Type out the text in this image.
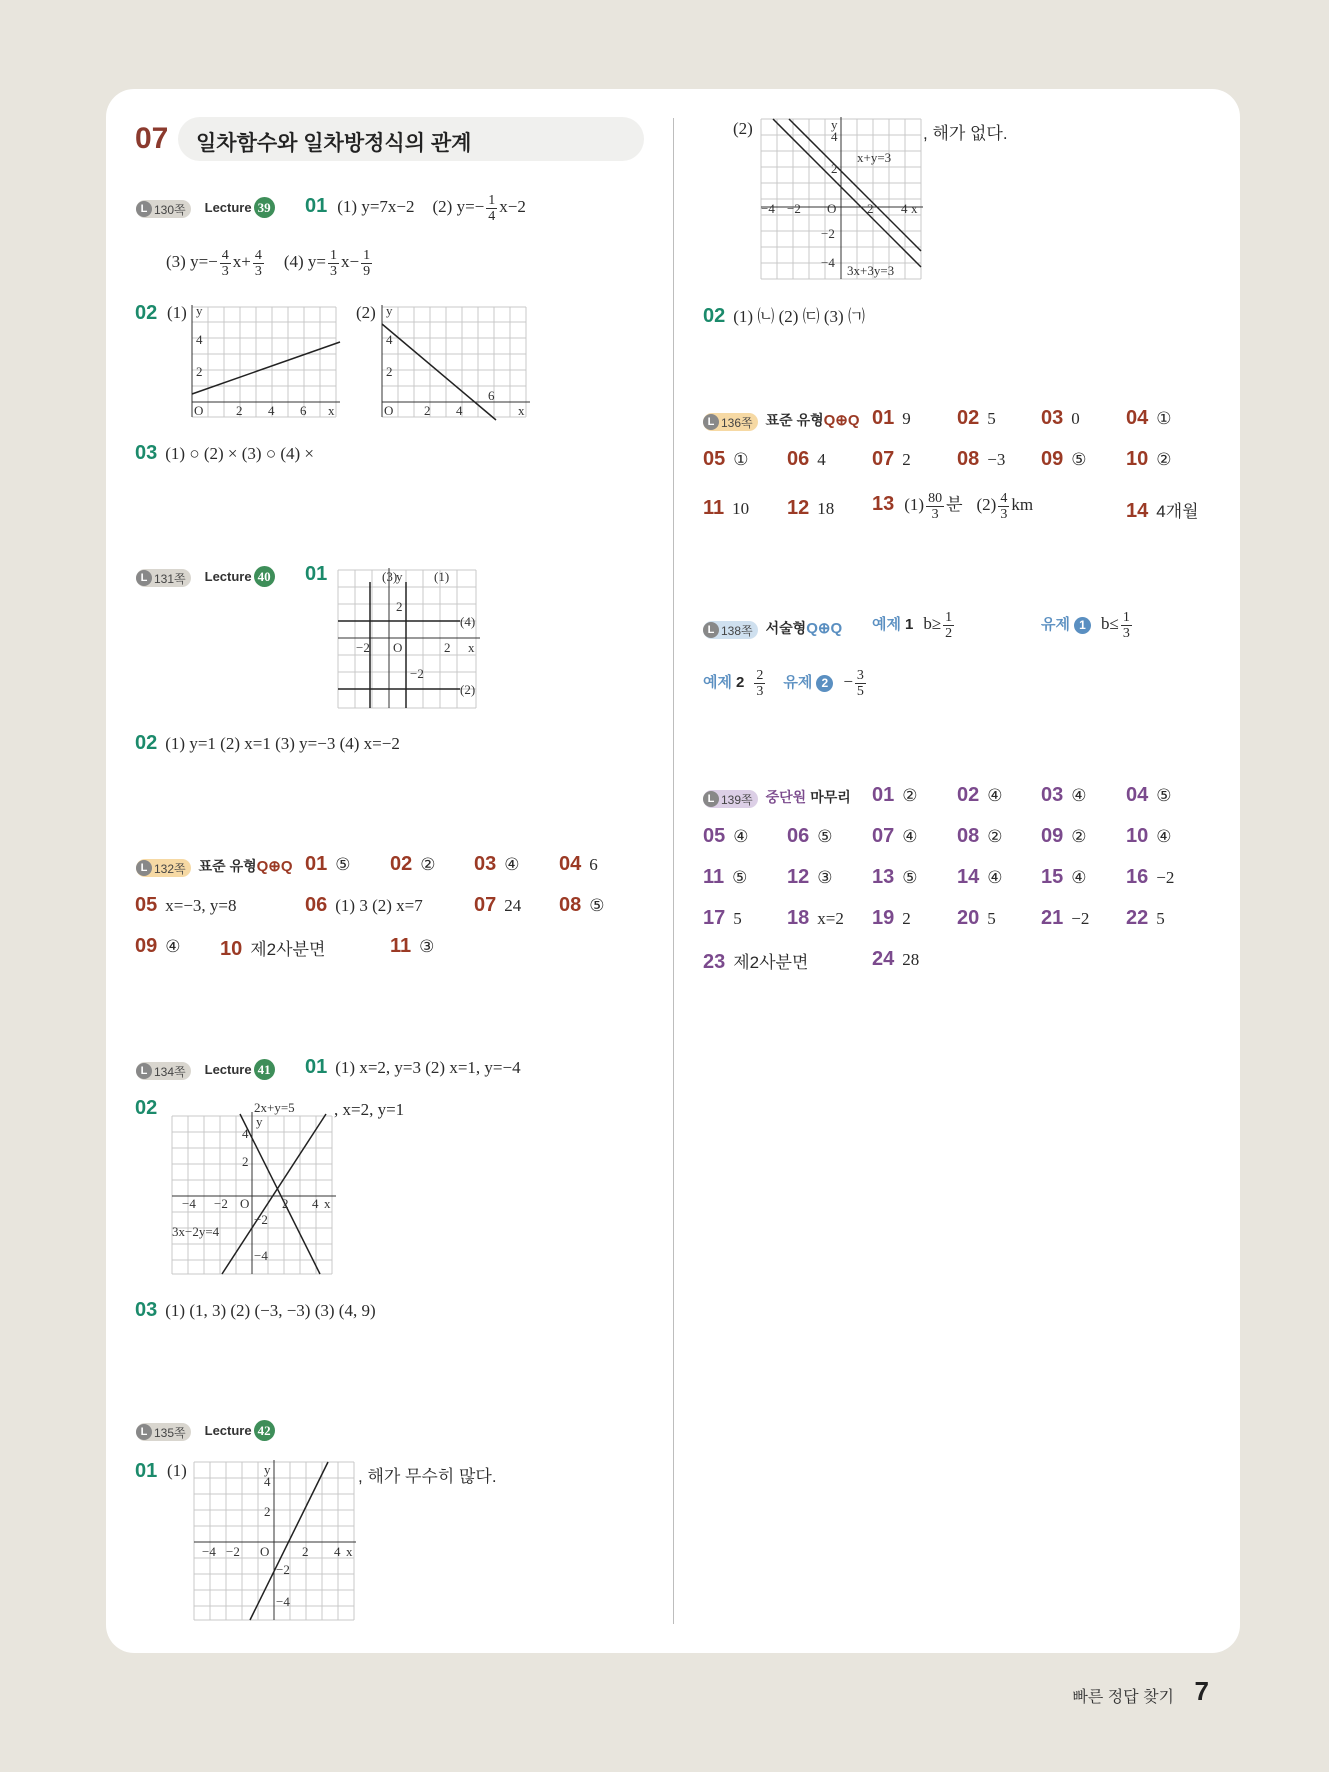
07	일차함수와 일차방정식의 관계
L 130쪽 Lecture 39 01 (1) y=7x−2 (2) $y=- \frac{1}{4} x-2$
(3) $y=- \frac{4}{3} x+ \frac{4}{3} (4)$ $y= \frac{1}{3} x- \frac{1}{9}$
02 (1)	(2)
y
4
2
O	2 4 6 x
y
4
2
O 2 4
6
x
03 (1) ○ (2) × (3) ○ (4) ×
L 131쪽 Lecture 40 01	(3)
y (1)
2
(4)
−2 O	2 x
−2
(2)
02 (1) y=1 (2) x=1 (3) y=−3 (4) x=−2
L 132쪽 표준 유형Q⊕Q 01 ⑤ 02 ② 03 ④ 04 6
05 x=−3, y=8	06 (1) 3 (2) x=7	07 24 08 ⑤
09 ④ 10 제2사분면	11 ③
L 134쪽 Lecture 41 01 (1) x=2, y=3 (2) x=1, y=−4
02
y
4
2
−4 −2 O	2 4 x
−2
−4
2x+y=5
3x−2y=4
, x=2, y=1
03 (1) (1, 3) (2) (−3, −3) (3) (4, 9)
L 135쪽 Lecture 42
01 (1)	y
4
2
−4 −2 O	2 4 x
−2
−4
, 해가 무수히 많다.
(2)	y
4
2
x+y=3
−4 −2 O 2 4 x
−2
−4
3x+3y=3
, 해가 없다.
02 (1) ㈁ (2) ㈂ (3) ㈀
L 136쪽 표준 유형Q⊕Q 01 9 02 5 03 0 04 ①
05 ① 06 4 07 2 08 −3 09 ⑤ 10 ②
11 10 12 18 13 $(1) \frac{80}{3}$ 분 $(2) \frac{4}{3}$ km	14 4개월
L 138쪽 서술형Q⊕Q 예제 1 $b\ge \frac{1}{2}$	유제 1 $b\le \frac{1}{3}$
예제 $2 \frac{2}{3}$ 유제 $2 - \frac{3}{5}$
L 139쪽 중단원 마무리 01 ② 02 ④ 03 ④ 04 ⑤
05 ④ 06 ⑤ 07 ④ 08 ② 09 ② 10 ④
11 ⑤ 12 ③ 13 ⑤ 14 ④ 15 ④ 16 −2
17 5 18 x=2 19 2 20 5 21 −2 22 5
23 제2사분면	24 28
빠른 정답 찾기 7
